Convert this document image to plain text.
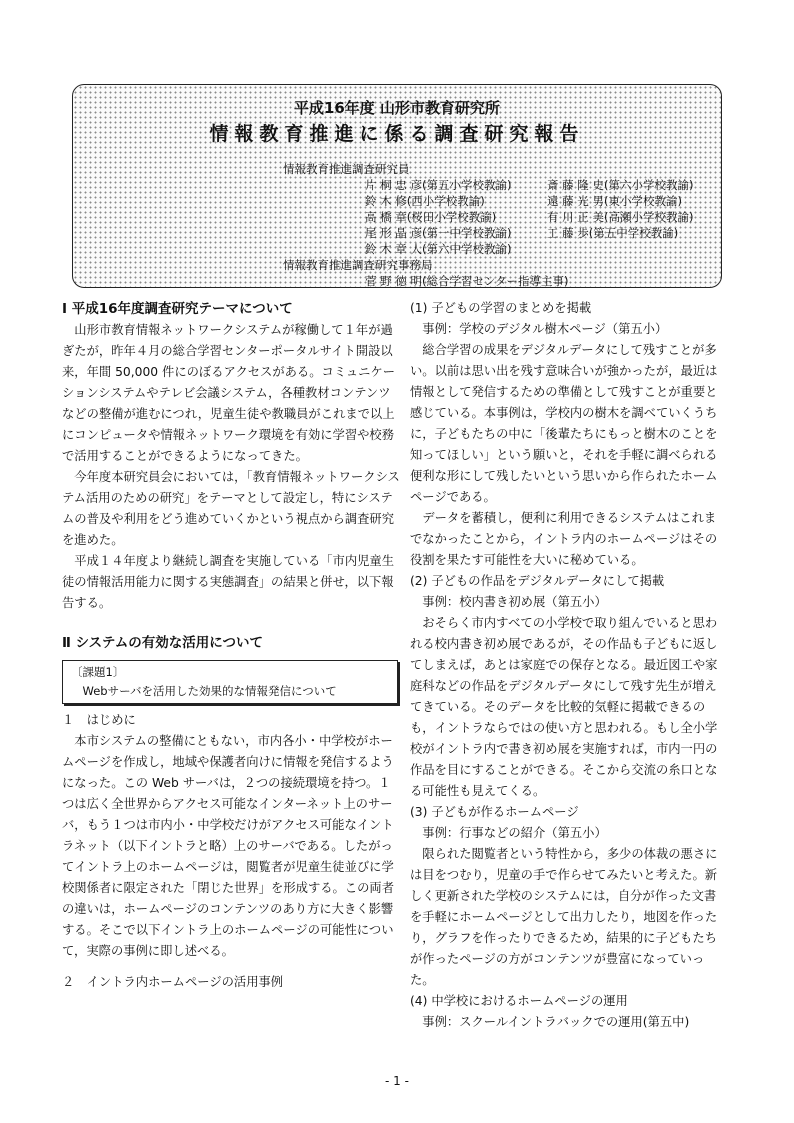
平成16年度 山形市教育研究所
情報教育推進に係る調査研究報告
情報教育推進調査研究員
片 桐 忠 彦(第五小学校教諭)	斎 藤 隆 史(第六小学校教諭)
鈴 木 修(西小学校教諭)	遠 藤 光 男(東小学校教諭)
高 橋 章(桜田小学校教諭)	有 川 正 美(高瀬小学校教諭)
尾 形 晶 彦(第一中学校教諭)	工 藤 歩(第五中学校教諭)
鈴 木 章 人(第六中学校教諭)
情報教育推進調査研究事務局
菅 野 徳 明(総合学習センター指導主事)

Ⅰ 平成16年度調査研究テーマについて

山形市教育情報ネットワークシステムが稼働して１年が過ぎたが，昨年４月の総合学習センターポータルサイト開設以来，年間 50,000 件にのぼるアクセスがある。コミュニケーションシステムやテレビ会議システム，各種教材コンテンツなどの整備が進むにつれ，児童生徒や教職員がこれまで以上にコンピュータや情報ネットワーク環境を有効に学習や校務で活用することができるようになってきた。

今年度本研究員会においては，「教育情報ネットワークシステム活用のための研究」をテーマとして設定し，特にシステムの普及や利用をどう進めていくかという視点から調査研究を進めた。

平成１４年度より継続し調査を実施している「市内児童生徒の情報活用能力に関する実態調査」の結果と併せ，以下報告する。

Ⅱ システムの有効な活用について

〔課題1〕
Webサーバを活用した効果的な情報発信について

１　はじめに

本市システムの整備にともない，市内各小・中学校がホームページを作成し，地域や保護者向けに情報を発信するようになった。この Web サーバは，２つの接続環境を持つ。１つは広く全世界からアクセス可能なインターネット上のサーバ，もう１つは市内小・中学校だけがアクセス可能なイントラネット（以下イントラと略）上のサーバである。したがってイントラ上のホームページは，閲覧者が児童生徒並びに学校関係者に限定された「閉じた世界」を形成する。この両者の違いは，ホームページのコンテンツのあり方に大きく影響する。そこで以下イントラ上のホームページの可能性について，実際の事例に即し述べる。

２　イントラ内ホームページの活用事例

(1) 子どもの学習のまとめを掲載

事例：学校のデジタル樹木ページ（第五小）

総合学習の成果をデジタルデータにして残すことが多い。以前は思い出を残す意味合いが強かったが，最近は情報として発信するための準備として残すことが重要と感じている。本事例は，学校内の樹木を調べていくうちに，子どもたちの中に「後輩たちにもっと樹木のことを知ってほしい」という願いと，それを手軽に調べられる便利な形にして残したいという思いから作られたホームページである。

データを蓄積し，便利に利用できるシステムはこれまでなかったことから，イントラ内のホームページはその役割を果たす可能性を大いに秘めている。

(2) 子どもの作品をデジタルデータにして掲載

事例：校内書き初め展（第五小）

おそらく市内すべての小学校で取り組んでいると思われる校内書き初め展であるが，その作品も子どもに返してしまえば，あとは家庭での保存となる。最近図工や家庭科などの作品をデジタルデータにして残す先生が増えてきている。そのデータを比較的気軽に掲載できるのも，イントラならではの使い方と思われる。もし全小学校がイントラ内で書き初め展を実施すれば，市内一円の作品を目にすることができる。そこから交流の糸口となる可能性も見えてくる。

(3) 子どもが作るホームページ

事例：行事などの紹介（第五小）

限られた閲覧者という特性から，多少の体裁の悪さには目をつむり，児童の手で作らせてみたいと考えた。新しく更新された学校のシステムには，自分が作った文書を手軽にホームページとして出力したり，地図を作ったり，グラフを作ったりできるため，結果的に子どもたちが作ったページの方がコンテンツが豊富になっていった。

(4) 中学校におけるホームページの運用

事例：スクールイントラバックでの運用(第五中)

- 1 -
